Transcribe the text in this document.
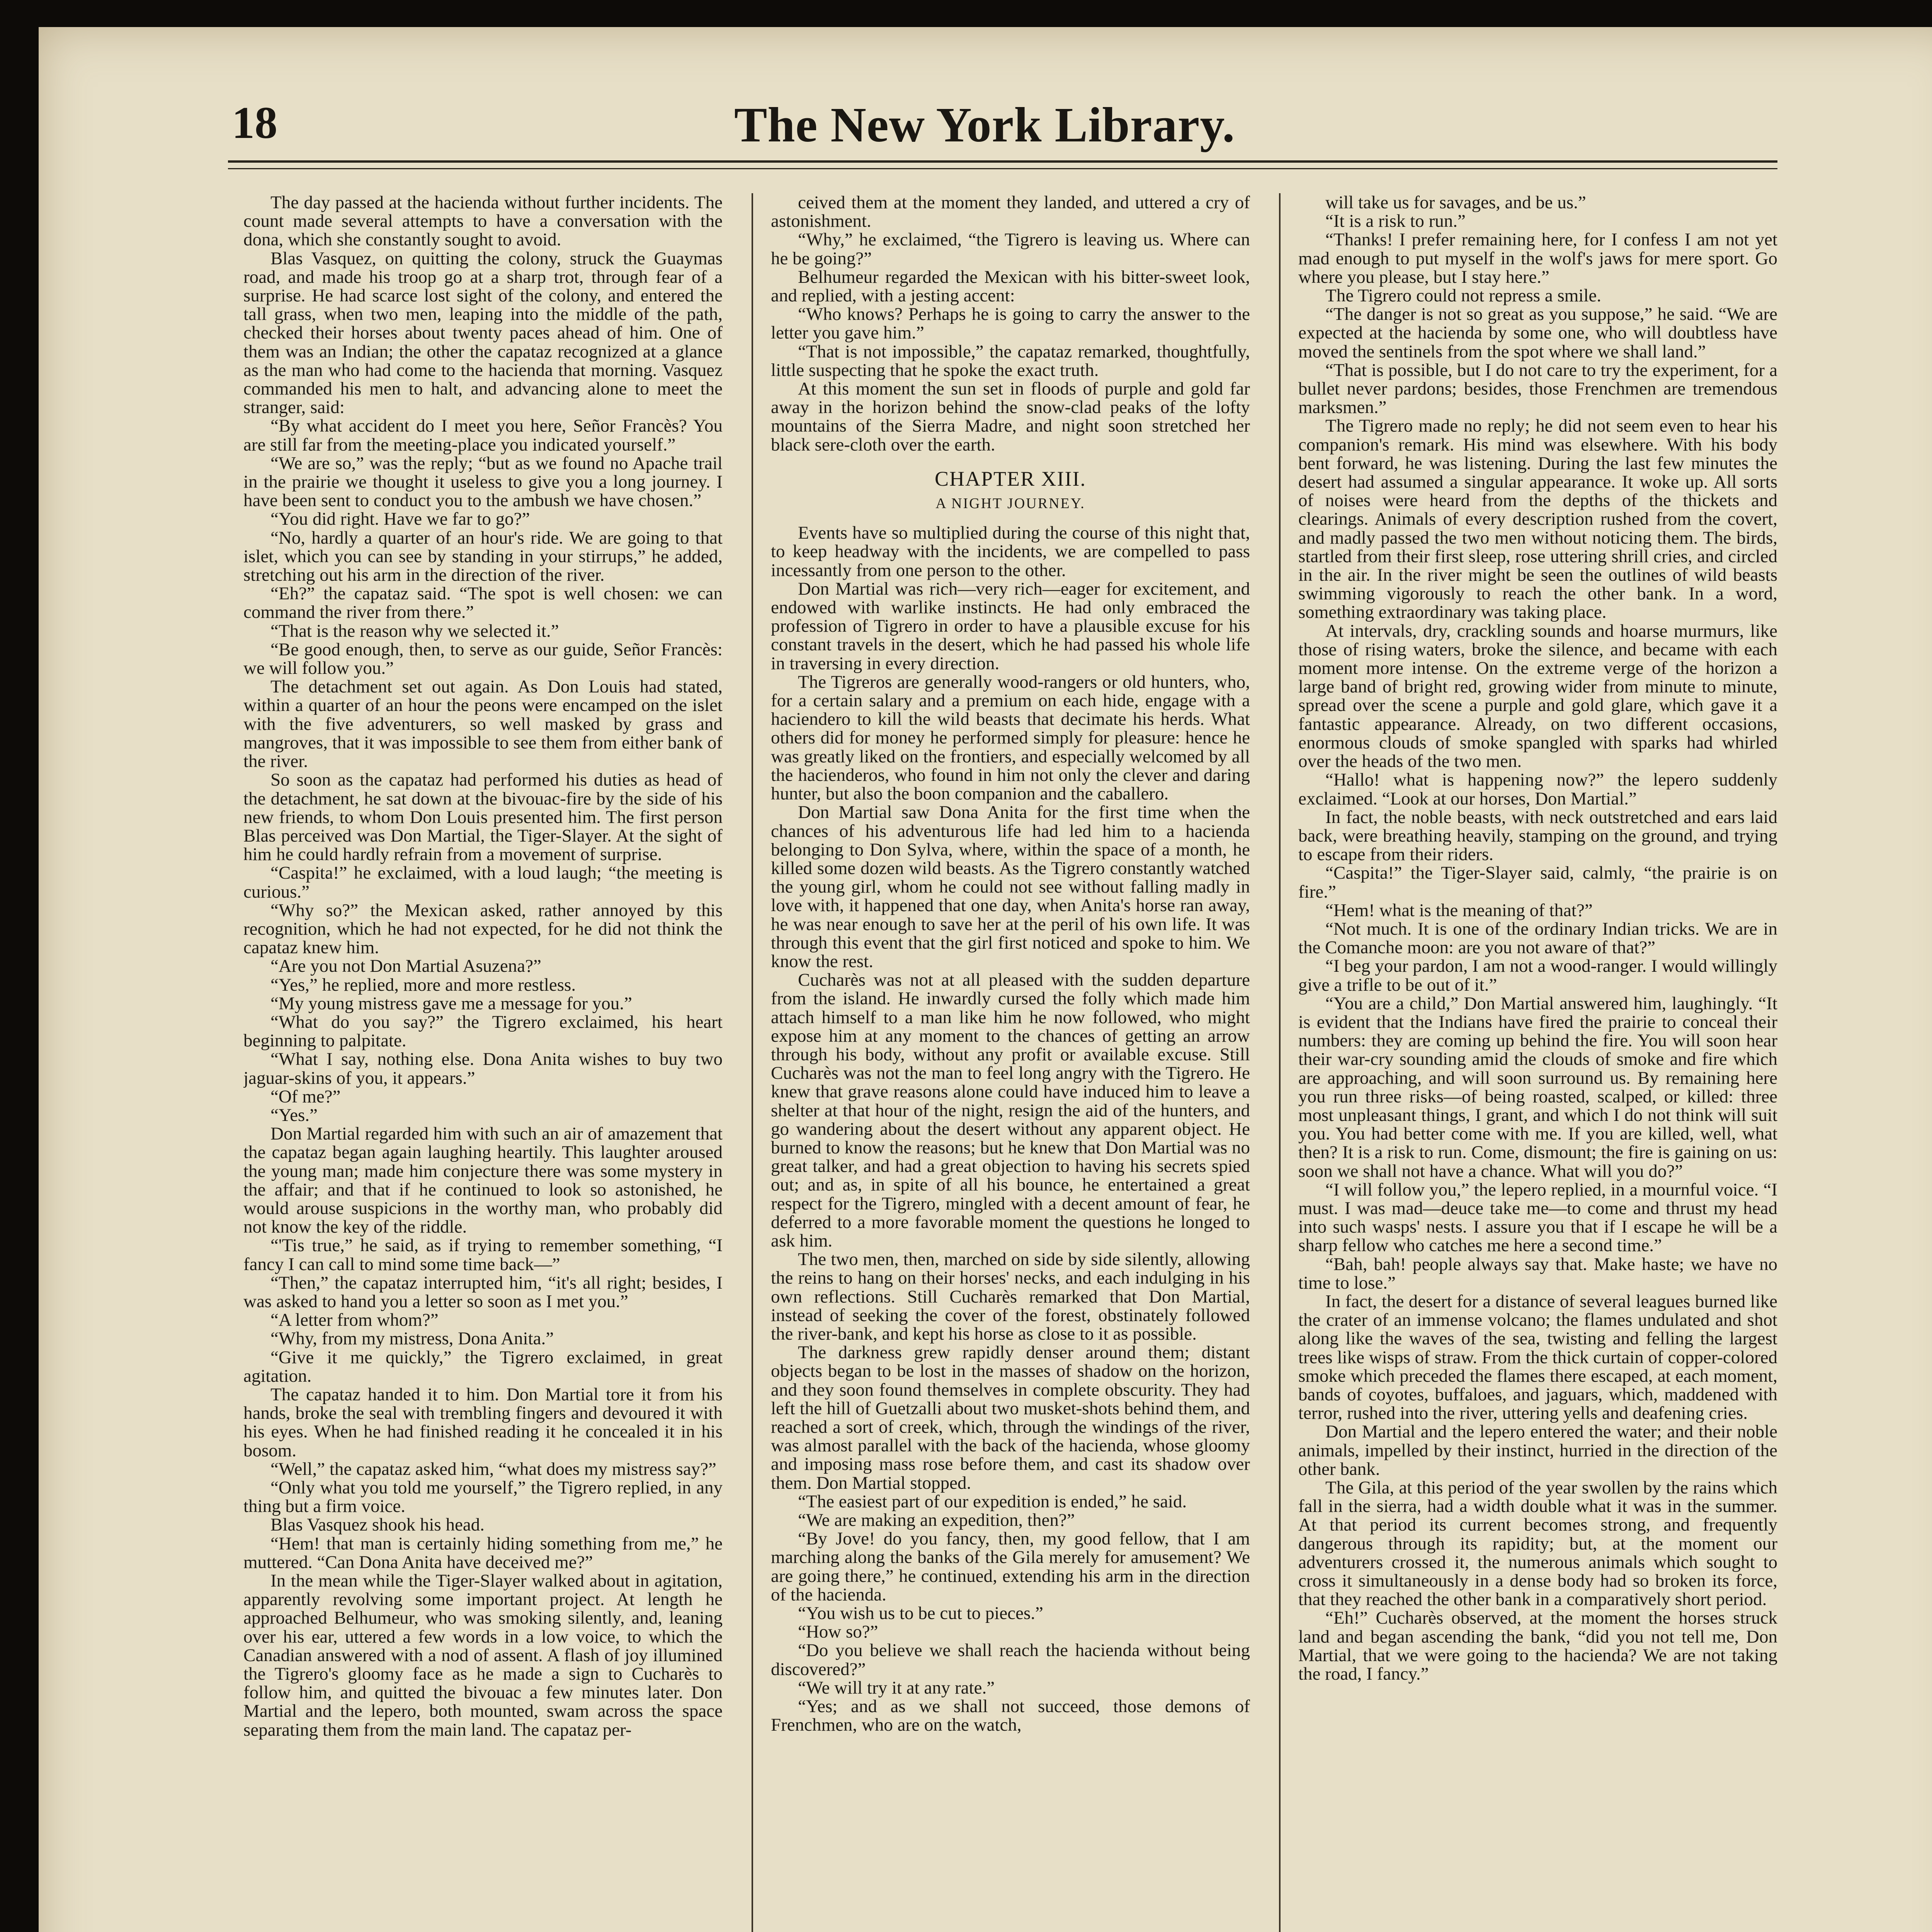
18	The New York Library.

The day passed at the hacienda without further incidents. The count made several attempts to have a conversation with the dona, which she constantly sought to avoid.

Blas Vasquez, on quitting the colony, struck the Guaymas road, and made his troop go at a sharp trot, through fear of a surprise. He had scarce lost sight of the colony, and entered the tall grass, when two men, leaping into the middle of the path, checked their horses about twenty paces ahead of him. One of them was an Indian; the other the capataz recognized at a glance as the man who had come to the hacienda that morning. Vasquez commanded his men to halt, and advancing alone to meet the stranger, said:

“By what accident do I meet you here, Señor Francès? You are still far from the meeting-place you indicated yourself.”

“We are so,” was the reply; “but as we found no Apache trail in the prairie we thought it useless to give you a long journey. I have been sent to conduct you to the ambush we have chosen.”

“You did right. Have we far to go?”

“No, hardly a quarter of an hour's ride. We are going to that islet, which you can see by standing in your stirrups,” he added, stretching out his arm in the direction of the river.

“Eh?” the capataz said. “The spot is well chosen: we can command the river from there.”

“That is the reason why we selected it.”

“Be good enough, then, to serve as our guide, Señor Francès: we will follow you.”

The detachment set out again. As Don Louis had stated, within a quarter of an hour the peons were encamped on the islet with the five adventurers, so well masked by grass and mangroves, that it was impossible to see them from either bank of the river.

So soon as the capataz had performed his duties as head of the detachment, he sat down at the bivouac-fire by the side of his new friends, to whom Don Louis presented him. The first person Blas perceived was Don Martial, the Tiger-Slayer. At the sight of him he could hardly refrain from a movement of surprise.

“Caspita!” he exclaimed, with a loud laugh; “the meeting is curious.”

“Why so?” the Mexican asked, rather annoyed by this recognition, which he had not expected, for he did not think the capataz knew him.

“Are you not Don Martial Asuzena?”

“Yes,” he replied, more and more restless.

“My young mistress gave me a message for you.”

“What do you say?” the Tigrero exclaimed, his heart beginning to palpitate.

“What I say, nothing else. Dona Anita wishes to buy two jaguar-skins of you, it appears.”

“Of me?”

“Yes.”

Don Martial regarded him with such an air of amazement that the capataz began again laughing heartily. This laughter aroused the young man; made him conjecture there was some mystery in the affair; and that if he continued to look so astonished, he would arouse suspicions in the worthy man, who probably did not know the key of the riddle.

“'Tis true,” he said, as if trying to remember something, “I fancy I can call to mind some time back—”

“Then,” the capataz interrupted him, “it's all right; besides, I was asked to hand you a letter so soon as I met you.”

“A letter from whom?”

“Why, from my mistress, Dona Anita.”

“Give it me quickly,” the Tigrero exclaimed, in great agitation.

The capataz handed it to him. Don Martial tore it from his hands, broke the seal with trembling fingers and devoured it with his eyes. When he had finished reading it he concealed it in his bosom.

“Well,” the capataz asked him, “what does my mistress say?”

“Only what you told me yourself,” the Tigrero replied, in any thing but a firm voice.

Blas Vasquez shook his head.

“Hem! that man is certainly hiding something from me,” he muttered. “Can Dona Anita have deceived me?”

In the mean while the Tiger-Slayer walked about in agitation, apparently revolving some important project. At length he approached Belhumeur, who was smoking silently, and, leaning over his ear, uttered a few words in a low voice, to which the Canadian answered with a nod of assent. A flash of joy illumined the Tigrero's gloomy face as he made a sign to Cucharès to follow him, and quitted the bivouac a few minutes later. Don Martial and the lepero, both mounted, swam across the space separating them from the main land. The capataz per-

ceived them at the moment they landed, and uttered a cry of astonishment.

“Why,” he exclaimed, “the Tigrero is leaving us. Where can he be going?”

Belhumeur regarded the Mexican with his bitter-sweet look, and replied, with a jesting accent:

“Who knows? Perhaps he is going to carry the answer to the letter you gave him.”

“That is not impossible,” the capataz remarked, thoughtfully, little suspecting that he spoke the exact truth.

At this moment the sun set in floods of purple and gold far away in the horizon behind the snow-clad peaks of the lofty mountains of the Sierra Madre, and night soon stretched her black sere-cloth over the earth.

CHAPTER XIII.
A NIGHT JOURNEY.

Events have so multiplied during the course of this night that, to keep headway with the incidents, we are compelled to pass incessantly from one person to the other.

Don Martial was rich—very rich—eager for excitement, and endowed with warlike instincts. He had only embraced the profession of Tigrero in order to have a plausible excuse for his constant travels in the desert, which he had passed his whole life in traversing in every direction.

The Tigreros are generally wood-rangers or old hunters, who, for a certain salary and a premium on each hide, engage with a haciendero to kill the wild beasts that decimate his herds. What others did for money he performed simply for pleasure: hence he was greatly liked on the frontiers, and especially welcomed by all the hacienderos, who found in him not only the clever and daring hunter, but also the boon companion and the caballero.

Don Martial saw Dona Anita for the first time when the chances of his adventurous life had led him to a hacienda belonging to Don Sylva, where, within the space of a month, he killed some dozen wild beasts. As the Tigrero constantly watched the young girl, whom he could not see without falling madly in love with, it happened that one day, when Anita's horse ran away, he was near enough to save her at the peril of his own life. It was through this event that the girl first noticed and spoke to him. We know the rest.

Cucharès was not at all pleased with the sudden departure from the island. He inwardly cursed the folly which made him attach himself to a man like him he now followed, who might expose him at any moment to the chances of getting an arrow through his body, without any profit or available excuse. Still Cucharès was not the man to feel long angry with the Tigrero. He knew that grave reasons alone could have induced him to leave a shelter at that hour of the night, resign the aid of the hunters, and go wandering about the desert without any apparent object. He burned to know the reasons; but he knew that Don Martial was no great talker, and had a great objection to having his secrets spied out; and as, in spite of all his bounce, he entertained a great respect for the Tigrero, mingled with a decent amount of fear, he deferred to a more favorable moment the questions he longed to ask him.

The two men, then, marched on side by side silently, allowing the reins to hang on their horses' necks, and each indulging in his own reflections. Still Cucharès remarked that Don Martial, instead of seeking the cover of the forest, obstinately followed the river-bank, and kept his horse as close to it as possible.

The darkness grew rapidly denser around them; distant objects began to be lost in the masses of shadow on the horizon, and they soon found themselves in complete obscurity. They had left the hill of Guetzalli about two musket-shots behind them, and reached a sort of creek, which, through the windings of the river, was almost parallel with the back of the hacienda, whose gloomy and imposing mass rose before them, and cast its shadow over them. Don Martial stopped.

“The easiest part of our expedition is ended,” he said.

“We are making an expedition, then?”

“By Jove! do you fancy, then, my good fellow, that I am marching along the banks of the Gila merely for amusement? We are going there,” he continued, extending his arm in the direction of the hacienda.

“You wish us to be cut to pieces.”

“How so?”

“Do you believe we shall reach the hacienda without being discovered?”

“We will try it at any rate.”

“Yes; and as we shall not succeed, those demons of Frenchmen, who are on the watch,

will take us for savages, and be us.”

“It is a risk to run.”

“Thanks! I prefer remaining here, for I confess I am not yet mad enough to put myself in the wolf's jaws for mere sport. Go where you please, but I stay here.”

The Tigrero could not repress a smile.

“The danger is not so great as you suppose,” he said. “We are expected at the hacienda by some one, who will doubtless have moved the sentinels from the spot where we shall land.”

“That is possible, but I do not care to try the experiment, for a bullet never pardons; besides, those Frenchmen are tremendous marksmen.”

The Tigrero made no reply; he did not seem even to hear his companion's remark. His mind was elsewhere. With his body bent forward, he was listening. During the last few minutes the desert had assumed a singular appearance. It woke up. All sorts of noises were heard from the depths of the thickets and clearings. Animals of every description rushed from the covert, and madly passed the two men without noticing them. The birds, startled from their first sleep, rose uttering shrill cries, and circled in the air. In the river might be seen the outlines of wild beasts swimming vigorously to reach the other bank. In a word, something extraordinary was taking place.

At intervals, dry, crackling sounds and hoarse murmurs, like those of rising waters, broke the silence, and became with each moment more intense. On the extreme verge of the horizon a large band of bright red, growing wider from minute to minute, spread over the scene a purple and gold glare, which gave it a fantastic appearance. Already, on two different occasions, enormous clouds of smoke spangled with sparks had whirled over the heads of the two men.

“Hallo! what is happening now?” the lepero suddenly exclaimed. “Look at our horses, Don Martial.”

In fact, the noble beasts, with neck outstretched and ears laid back, were breathing heavily, stamping on the ground, and trying to escape from their riders.

“Caspita!” the Tiger-Slayer said, calmly, “the prairie is on fire.”

“Hem! what is the meaning of that?”

“Not much. It is one of the ordinary Indian tricks. We are in the Comanche moon: are you not aware of that?”

“I beg your pardon, I am not a wood-ranger. I would willingly give a trifle to be out of it.”

“You are a child,” Don Martial answered him, laughingly. “It is evident that the Indians have fired the prairie to conceal their numbers: they are coming up behind the fire. You will soon hear their war-cry sounding amid the clouds of smoke and fire which are approaching, and will soon surround us. By remaining here you run three risks—of being roasted, scalped, or killed: three most unpleasant things, I grant, and which I do not think will suit you. You had better come with me. If you are killed, well, what then? It is a risk to run. Come, dismount; the fire is gaining on us: soon we shall not have a chance. What will you do?”

“I will follow you,” the lepero replied, in a mournful voice. “I must. I was mad—deuce take me—to come and thrust my head into such wasps' nests. I assure you that if I escape he will be a sharp fellow who catches me here a second time.”

“Bah, bah! people always say that. Make haste; we have no time to lose.”

In fact, the desert for a distance of several leagues burned like the crater of an immense volcano; the flames undulated and shot along like the waves of the sea, twisting and felling the largest trees like wisps of straw. From the thick curtain of copper-colored smoke which preceded the flames there escaped, at each moment, bands of coyotes, buffaloes, and jaguars, which, maddened with terror, rushed into the river, uttering yells and deafening cries.

Don Martial and the lepero entered the water; and their noble animals, impelled by their instinct, hurried in the direction of the other bank.

The Gila, at this period of the year swollen by the rains which fall in the sierra, had a width double what it was in the summer. At that period its current becomes strong, and frequently dangerous through its rapidity; but, at the moment our adventurers crossed it, the numerous animals which sought to cross it simultaneously in a dense body had so broken its force, that they reached the other bank in a comparatively short period.

“Eh!” Cucharès observed, at the moment the horses struck land and began ascending the bank, “did you not tell me, Don Martial, that we were going to the hacienda? We are not taking the road, I fancy.”
